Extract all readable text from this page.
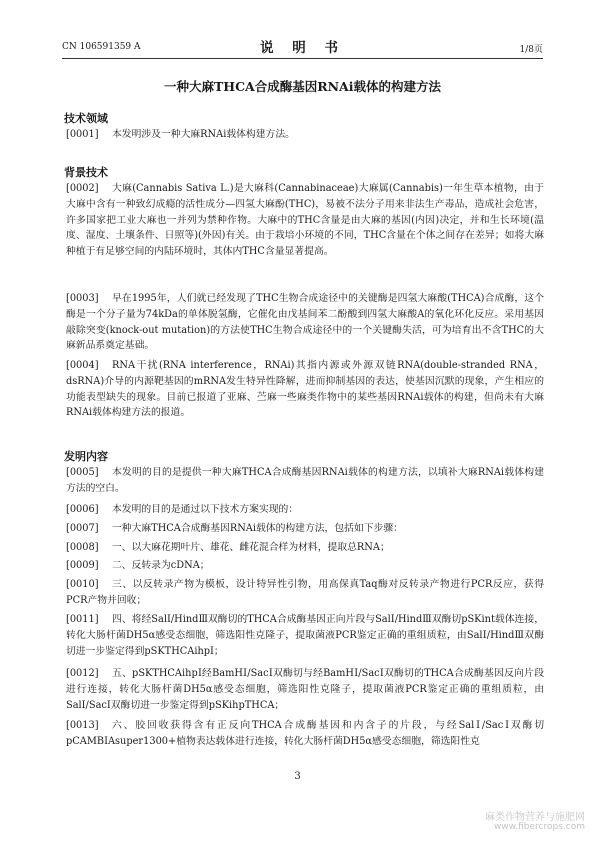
CN 106591359 A	说 明 书	1/8页
一种大麻THCA合成酶基因RNAi载体的构建方法
技术领域
[0001]	本发明涉及一种大麻RNAi载体构建方法。
背景技术
[0002]	大麻(Cannabis Sativa L.)是大麻科(Cannabinaceae)大麻属(Cannabis)一年生草本植物，由于大麻中含有一种致幻成瘾的活性成分—四氢大麻酚(THC)，易被不法分子用来非法生产毒品，造成社会危害，许多国家把工业大麻也一并列为禁种作物。大麻中的THC含量是由大麻的基因(内因)决定，并和生长环境(温度、湿度、土壤条件、日照等)(外因)有关。由于栽培小环境的不同，THC含量在个体之间存在差异；如将大麻种植于有足够空间的内陆环境时，其体内THC含量显著提高。
[0003]	早在1995年，人们就已经发现了THC生物合成途径中的关键酶是四氢大麻酸(THCA)合成酶，这个酶是一个分子量为74kDa的单体脱氢酶，它催化由戊基间苯二酚酸到四氢大麻酸A的氧化环化反应。采用基因敲除突变(knock-out mutation)的方法使THC生物合成途径中的一个关键酶失活，可为培育出不含THC的大麻新品系奠定基础。
[0004]	RNA干扰(RNA interference，RNAi)其指内源或外源双链RNA(double-stranded RNA，dsRNA)介导的内源靶基因的mRNA发生特异性降解，进而抑制基因的表达，使基因沉默的现象，产生相应的功能表型缺失的现象。目前已报道了亚麻、苎麻一些麻类作物中的某些基因RNAi载体的构建，但尚未有大麻RNAi载体构建方法的报道。
发明内容
[0005]	本发明的目的是提供一种大麻THCA合成酶基因RNAi载体的构建方法，以填补大麻RNAi载体构建方法的空白。
[0006]	本发明的目的是通过以下技术方案实现的：
[0007]	一种大麻THCA合成酶基因RNAi载体的构建方法，包括如下步骤：
[0008]	一、以大麻花期叶片、雄花、雌花混合样为材料，提取总RNA；
[0009]	二、反转录为cDNA；
[0010]	三、以反转录产物为模板，设计特异性引物，用高保真Taq酶对反转录产物进行PCR反应，获得PCR产物并回收；
[0011]	四、将经SalⅠ/HindⅢ双酶切的THCA合成酶基因正向片段与SalⅠ/HindⅢ双酶切pSKint载体连接，转化大肠杆菌DH5α感受态细胞，筛选阳性克隆子，提取菌液PCR鉴定正确的重组质粒，由SalⅠ/HindⅢ双酶切进一步鉴定得到pSKTHCAihpⅠ；
[0012]	五、pSKTHCAihpⅠ经BamHⅠ/SacⅠ双酶切与经BamHⅠ/SacⅠ双酶切的THCA合成酶基因反向片段进行连接，转化大肠杆菌DH5α感受态细胞，筛选阳性克隆子，提取菌液PCR鉴定正确的重组质粒，由SalⅠ/SacⅠ双酶切进一步鉴定得到pSKihpTHCA；
[0013]	六、胶回收获得含有正反向THCA合成酶基因和内含子的片段，与经SalⅠ/SacⅠ双酶切pCAMBIAsuper1300+植物表达载体进行连接，转化大肠杆菌DH5α感受态细胞，筛选阳性克
3
麻类作物营养与施肥网
www.fibercrops.com
